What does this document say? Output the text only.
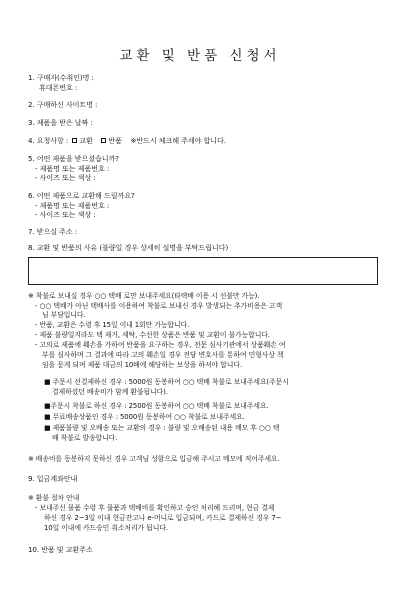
교환 및 반품 신청서
1. 구매자(수취인)명 :
휴대폰번호 :
2. 구매하신 사이트명 :
3. 제품을 받은 날짜 :
4. 요청사항 : 교환 반품 ※반드시 체크해 주세야 합니다.
5. 어떤 제품을 받으셨습니까?
- 제품명 또는 제품번호 :
- 사이즈 또는 색상 :
6. 어떤 제품으로 교환해 드릴까요?
- 제품명 또는 제품번호 :
- 사이즈 또는 색상 :
7. 받으실 주소 :
8. 교환 및 반품의 사유 (불량일 경우 상세히 설명을 부탁드립니다)
※ 착불로 보내실 경우 ○○ 택배 로만 보내주세요(타택배 이용 시 선불만 가능).
- ○○ 택배가 아닌 택배사를 이용하여 착불로 보내신 경우 발생되는 추가비용은 고객
님 부담입니다.
- 반품, 교환은 수령 후 15일 이내 1회만 가능합니다.
- 제품 불량일지라도 택 제거, 세탁, 수선한 상품은 반품 및 교환이 불가능합니다.
- 고의로 제품에 훼손을 가하여 반품을 요구하는 경우, 전문 심사기관에서 상품훼손 여
부를 심사하며 그 결과에 따라 고의 훼손일 경우 전담 변호사를 통하여 민형사상 책
임을 묻게 되며 제품 대금의 10배에 해당하는 보상을 하셔야 합니다.
■ 주문시 선결제하신 경우 : 5000원 동봉하여 ○○ 택배 착불로 보내주세요(주문시
결제하셨던 배송비가 함께 환불됩니다).
■주문시 착불로 하신 경우 : 2500원 동봉하여 ○○ 택배 착불로 보내주세요.
■ 무료배송상품인 경우 : 5000원 동봉하여 ○○ 착불로 보내주세요.
■ 제품불량 및 오배송 또는 교환의 경우 : 불량 및 오배송된 내용 메모 후 ○○ 택
배 착불로 발송합니다.
※ 배송비를 동봉하지 못하신 경우 고객님 성함으로 입금해 주시고 메모에 적어주세요.
9. 입금계좌안내
※ 환불 절차 안내
- 보내주신 물품 수령 후 물품과 택배비를 확인하고 승인 처리해 드리며, 현금 결제
하신 경우 2~3일 이내 현금잔고나 e-머니로 입금되며, 카드로 결제하신 경우 7~
10일 이내에 카드승인 취소처리가 됩니다.
10. 반품 및 교환주소
